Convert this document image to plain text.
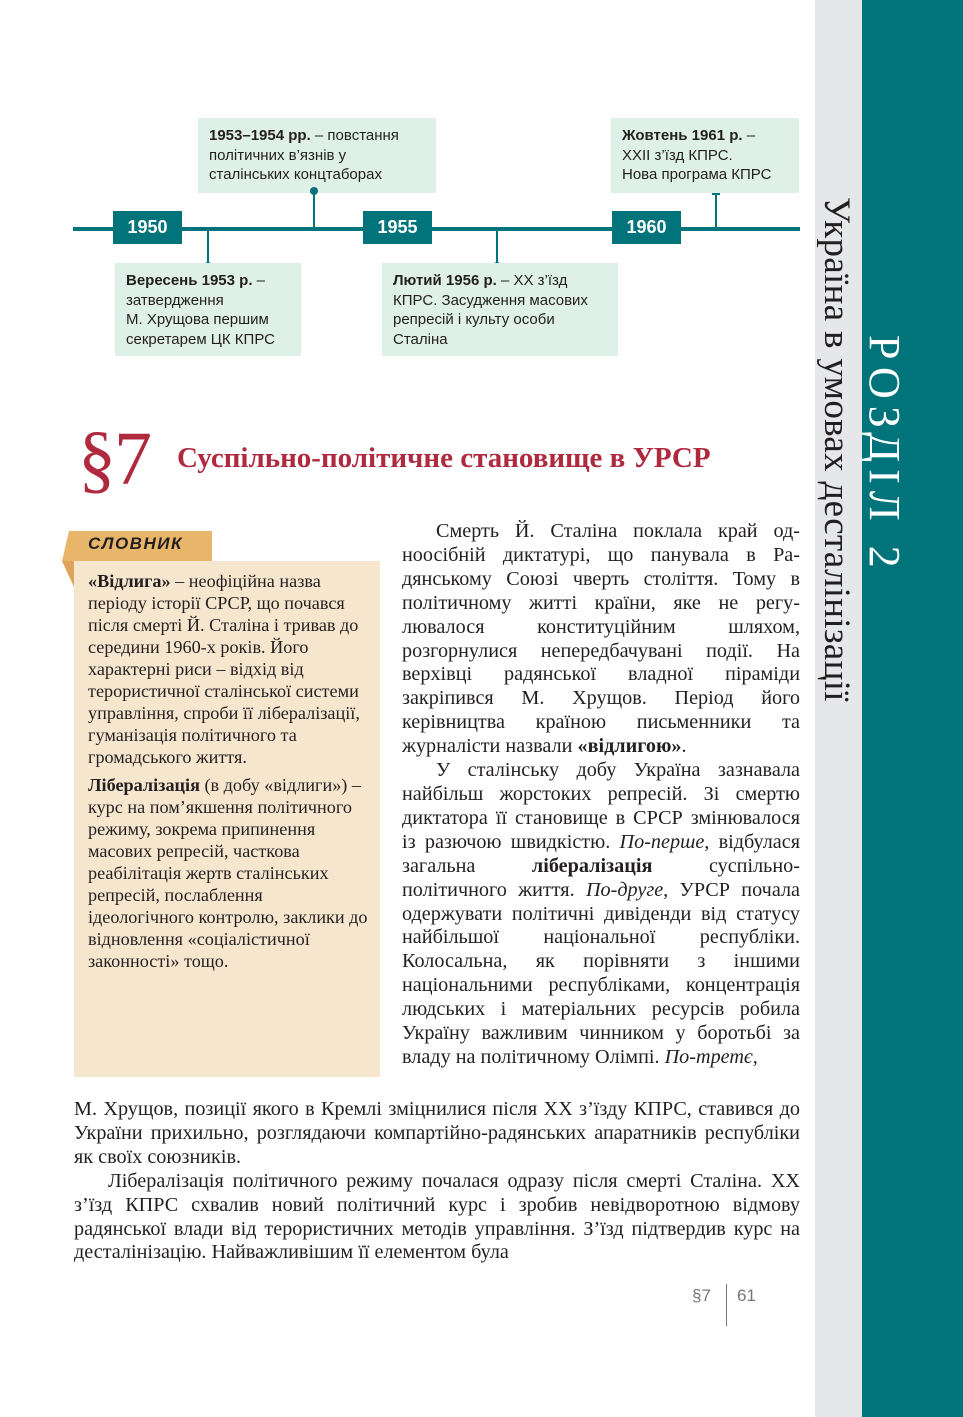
РОЗДІЛ 2
Україна в умовах десталінізації
1953–1954 рр. – повстання
політичних в’язнів у
сталінських концтаборах
Жовтень 1961 р. –
XXII з’їзд КПРС.
Нова програма КПРС
1950	1955	1960
Вересень 1953 р. –
затвердження
М. Хрущова першим
секретарем ЦК КПРС
Лютий 1956 р. – XX з’їзд
КПРС. Засудження масових
репресій і культу особи
Сталіна
§7 Суспільно-політичне становище в УРСР
СЛОВНИК

«Відлига» – неофіційна назва періоду історії СРСР, що почався після смерті Й. Сталіна і тривав до середини 1960-х років. Його характерні риси – відхід від терористичної сталінської системи управління, спроби її лібералізації, гуманізація політичного та громадського життя.

Лібералізація (в добу «відлиги») – курс на пом’якшення політичного режиму, зокрема припинення масових репресій, часткова реабілітація жертв сталінських репресій, послаблення ідеологічного контролю, заклики до відновлення «соціалістичної законності» тощо.

Смерть Й. Сталіна поклала край одноосібній диктатурі, що панувала в Радянському Союзі чверть століття. Тому в політичному житті країни, яке не регулювалося конституційним шляхом, розгорнулися непередбачувані події. На верхівці радянської владної піраміди закріпився М. Хрущов. Період його керівництва країною письменники та журналісти назвали «відлигою».

У сталінську добу Україна зазнавала найбільш жорстоких репресій. Зі смертю диктатора її становище в СРСР змінювалося із разючою швидкістю. По-перше, відбулася загальна лібералізація суспільно-політичного життя. По-друге, УРСР почала одержувати політичні дивіденди від статусу найбільшої національної республіки. Колосальна, як порівняти з іншими національними республіками, концентрація людських і матеріальних ресурсів робила Україну важливим чинником у боротьбі за владу на політичному Олімпі. По-третє,

М. Хрущов, позиції якого в Кремлі зміцнилися після XX з’їзду КПРС, ставився до України прихильно, розглядаючи компартійно-радянських апаратників республіки як своїх союзників.

Лібералізація політичного режиму почалася одразу після смерті Сталіна. XX з’їзд КПРС схвалив новий політичний курс і зробив невідворотною відмову радянської влади від терористичних методів управління. З’їзд підтвердив курс на десталінізацію. Найважливішим її елементом була

§7 61
